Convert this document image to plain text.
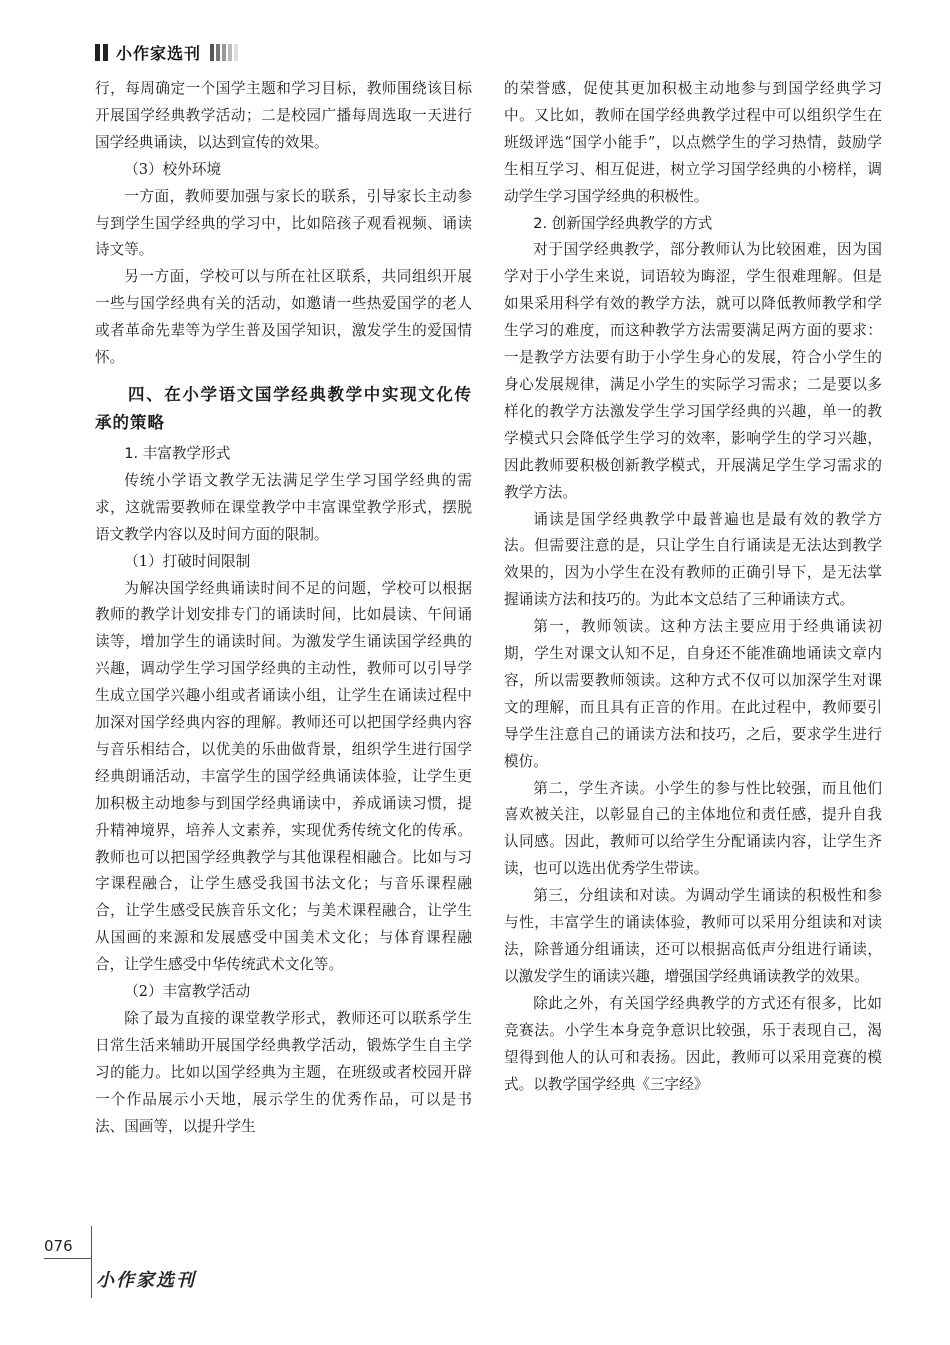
小作家选刊

行，每周确定一个国学主题和学习目标，教师围绕该目标开展国学经典教学活动；二是校园广播每周选取一天进行国学经典诵读，以达到宣传的效果。

（3）校外环境

一方面，教师要加强与家长的联系，引导家长主动参与到学生国学经典的学习中，比如陪孩子观看视频、诵读诗文等。

另一方面，学校可以与所在社区联系，共同组织开展一些与国学经典有关的活动，如邀请一些热爱国学的老人或者革命先辈等为学生普及国学知识，激发学生的爱国情怀。

四、在小学语文国学经典教学中实现文化传承的策略

1. 丰富教学形式

传统小学语文教学无法满足学生学习国学经典的需求，这就需要教师在课堂教学中丰富课堂教学形式，摆脱语文教学内容以及时间方面的限制。

（1）打破时间限制

为解决国学经典诵读时间不足的问题，学校可以根据教师的教学计划安排专门的诵读时间，比如晨读、午间诵读等，增加学生的诵读时间。为激发学生诵读国学经典的兴趣，调动学生学习国学经典的主动性，教师可以引导学生成立国学兴趣小组或者诵读小组，让学生在诵读过程中加深对国学经典内容的理解。教师还可以把国学经典内容与音乐相结合，以优美的乐曲做背景，组织学生进行国学经典朗诵活动，丰富学生的国学经典诵读体验，让学生更加积极主动地参与到国学经典诵读中，养成诵读习惯，提升精神境界，培养人文素养，实现优秀传统文化的传承。教师也可以把国学经典教学与其他课程相融合。比如与习字课程融合，让学生感受我国书法文化；与音乐课程融合，让学生感受民族音乐文化；与美术课程融合，让学生从国画的来源和发展感受中国美术文化；与体育课程融合，让学生感受中华传统武术文化等。

（2）丰富教学活动

除了最为直接的课堂教学形式，教师还可以联系学生日常生活来辅助开展国学经典教学活动，锻炼学生自主学习的能力。比如以国学经典为主题，在班级或者校园开辟一个作品展示小天地，展示学生的优秀作品，可以是书法、国画等，以提升学生

的荣誉感，促使其更加积极主动地参与到国学经典学习中。又比如，教师在国学经典教学过程中可以组织学生在班级评选“国学小能手”，以点燃学生的学习热情，鼓励学生相互学习、相互促进，树立学习国学经典的小榜样，调动学生学习国学经典的积极性。

2. 创新国学经典教学的方式

对于国学经典教学，部分教师认为比较困难，因为国学对于小学生来说，词语较为晦涩，学生很难理解。但是如果采用科学有效的教学方法，就可以降低教师教学和学生学习的难度，而这种教学方法需要满足两方面的要求：一是教学方法要有助于小学生身心的发展，符合小学生的身心发展规律，满足小学生的实际学习需求；二是要以多样化的教学方法激发学生学习国学经典的兴趣，单一的教学模式只会降低学生学习的效率，影响学生的学习兴趣，因此教师要积极创新教学模式，开展满足学生学习需求的教学方法。

诵读是国学经典教学中最普遍也是最有效的教学方法。但需要注意的是，只让学生自行诵读是无法达到教学效果的，因为小学生在没有教师的正确引导下，是无法掌握诵读方法和技巧的。为此本文总结了三种诵读方式。

第一，教师领读。这种方法主要应用于经典诵读初期，学生对课文认知不足，自身还不能准确地诵读文章内容，所以需要教师领读。这种方式不仅可以加深学生对课文的理解，而且具有正音的作用。在此过程中，教师要引导学生注意自己的诵读方法和技巧，之后，要求学生进行模仿。

第二，学生齐读。小学生的参与性比较强，而且他们喜欢被关注，以彰显自己的主体地位和责任感，提升自我认同感。因此，教师可以给学生分配诵读内容，让学生齐读，也可以选出优秀学生带读。

第三，分组读和对读。为调动学生诵读的积极性和参与性，丰富学生的诵读体验，教师可以采用分组读和对读法，除普通分组诵读，还可以根据高低声分组进行诵读，以激发学生的诵读兴趣，增强国学经典诵读教学的效果。

除此之外，有关国学经典教学的方式还有很多，比如竞赛法。小学生本身竞争意识比较强，乐于表现自己，渴望得到他人的认可和表扬。因此，教师可以采用竞赛的模式。以教学国学经典《三字经》

076
小作家选刊
